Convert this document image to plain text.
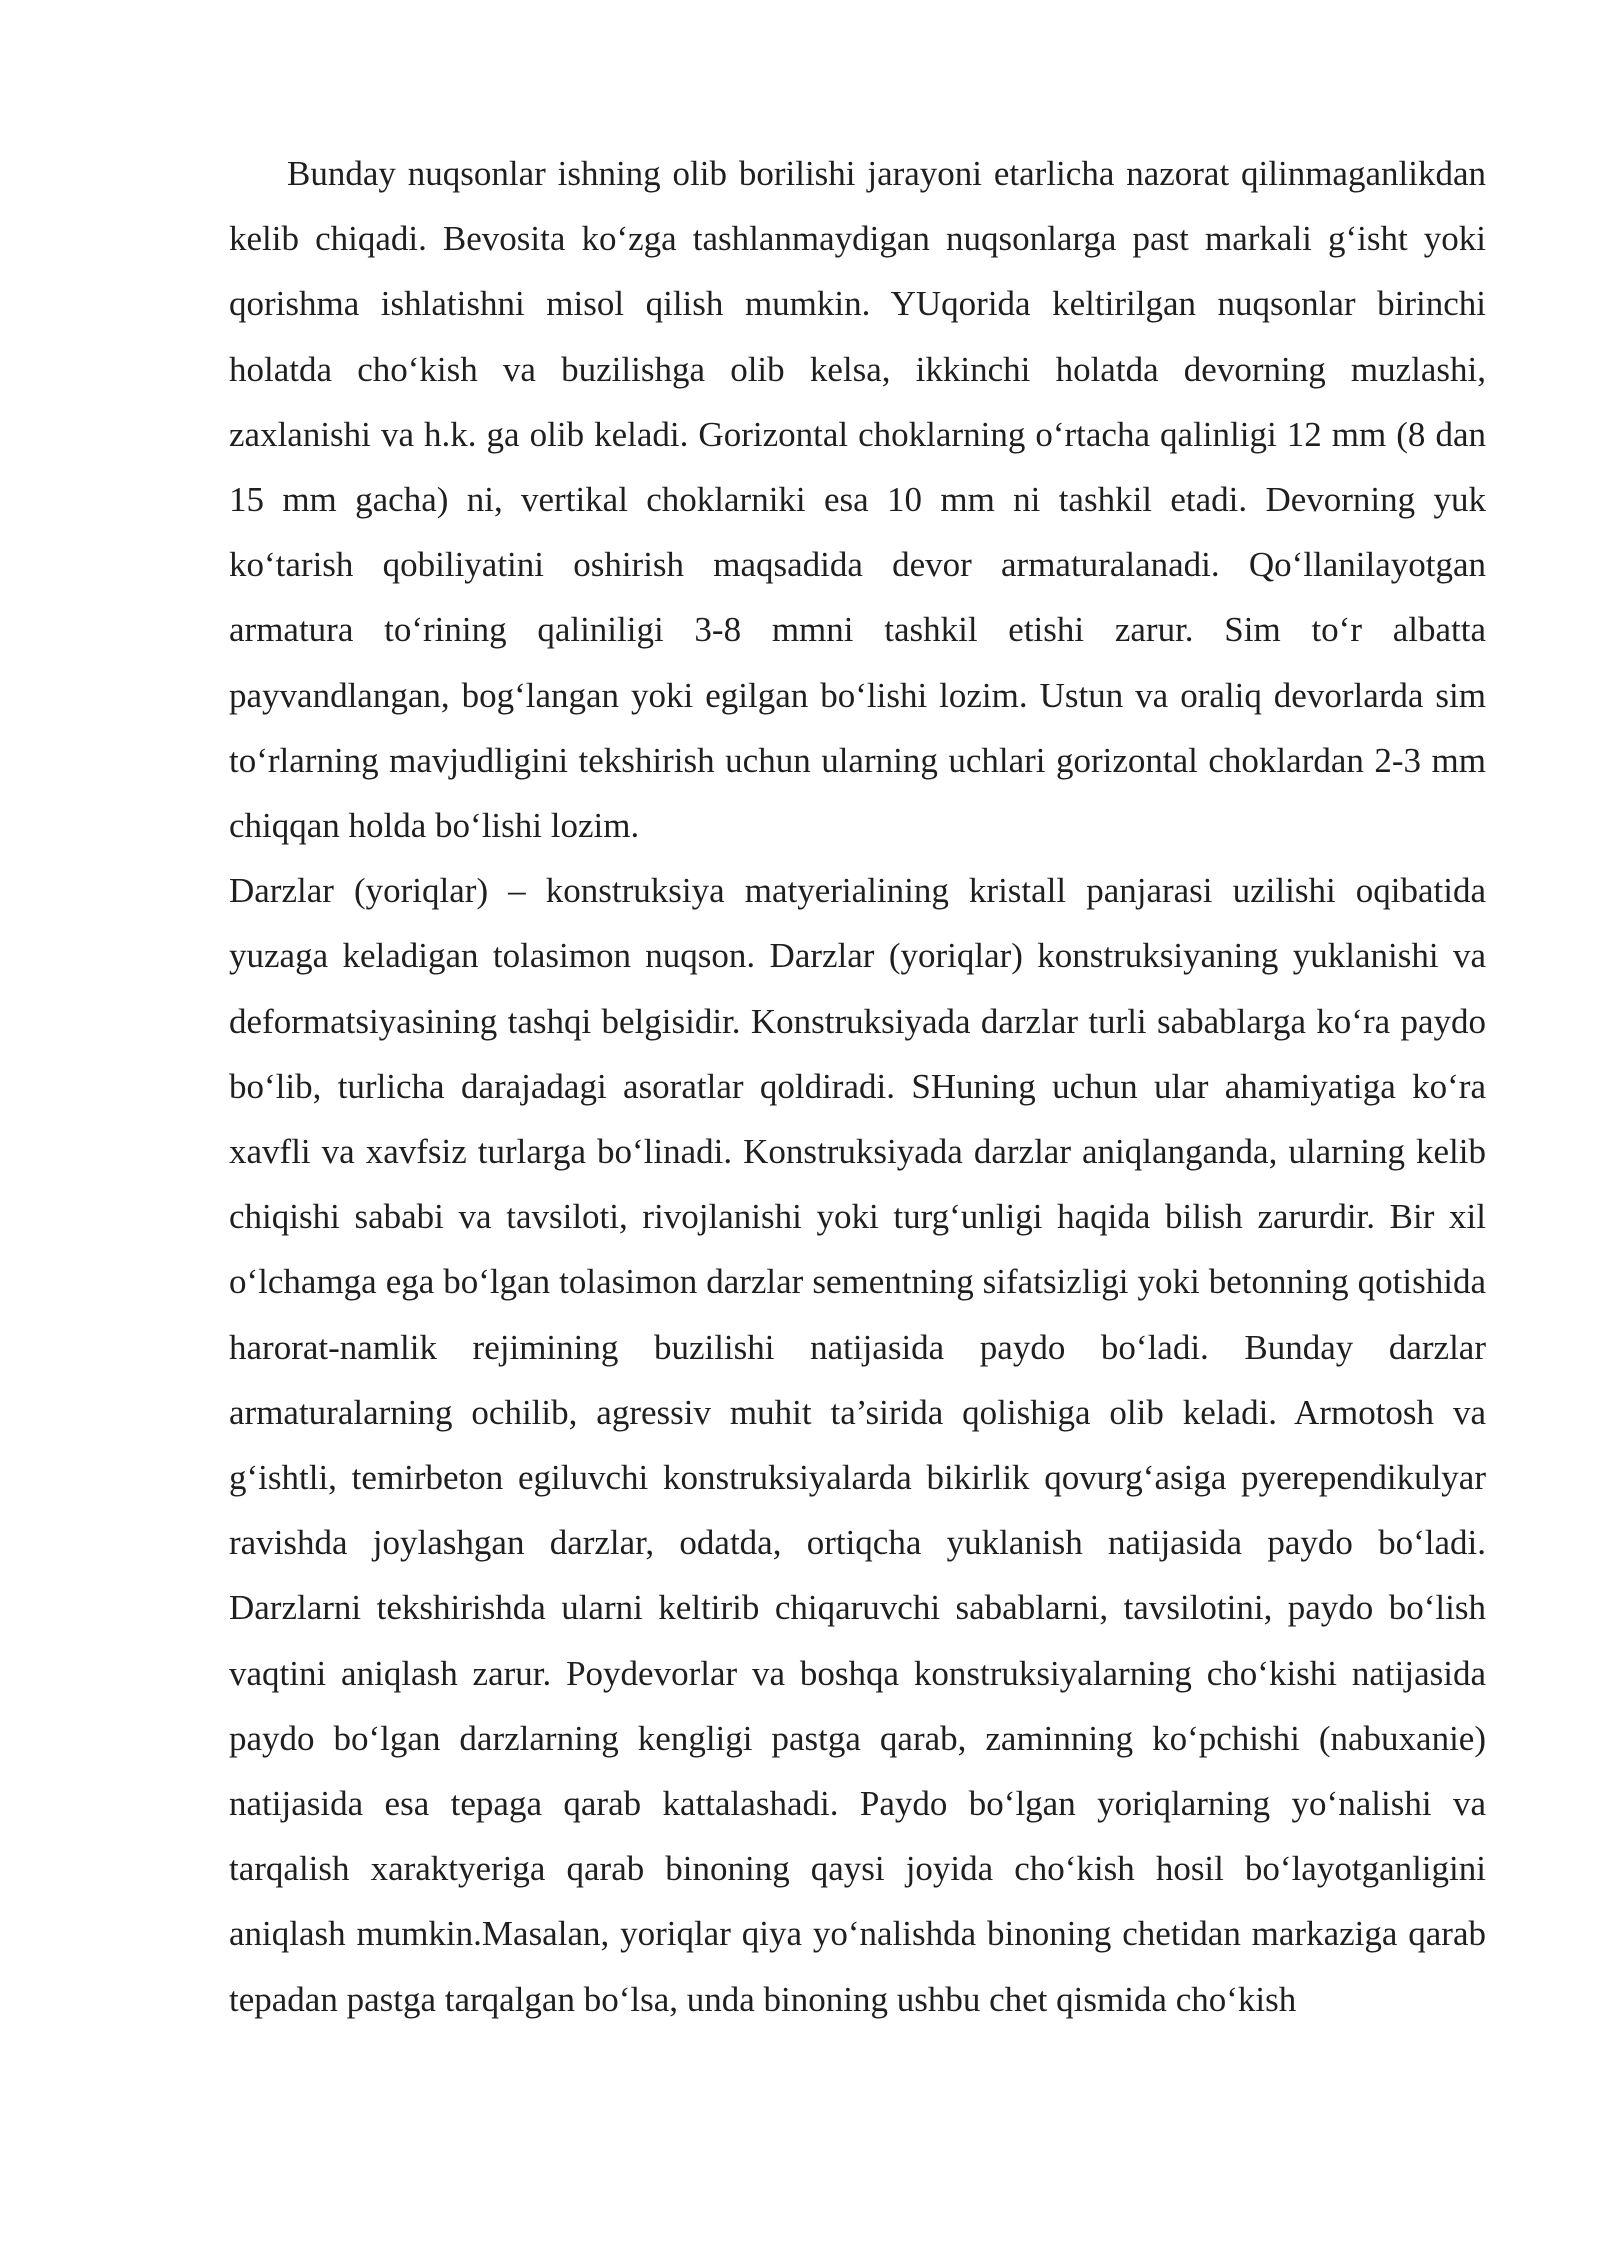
Bunday nuqsonlar ishning olib borilishi jarayoni etarlicha nazorat qilinmaganlikdan kelib chiqadi. Bevosita ko‘zga tashlanmaydigan nuqsonlarga past markali g‘isht yoki qorishma ishlatishni misol qilish mumkin. YUqorida keltirilgan nuqsonlar birinchi holatda cho‘kish va buzilishga olib kelsa, ikkinchi holatda devorning muzlashi, zaxlanishi va h.k. ga olib keladi. Gorizontal choklarning o‘rtacha qalinligi 12 mm (8 dan 15 mm gacha) ni, vertikal choklarniki esa 10 mm ni tashkil etadi. Devorning yuk ko‘tarish qobiliyatini oshirish maqsadida devor armaturalanadi. Qo‘llanilayotgan armatura to‘rining qaliniligi 3-8 mmni tashkil etishi zarur. Sim to‘r albatta payvandlangan, bog‘langan yoki egilgan bo‘lishi lozim. Ustun va oraliq devorlarda sim to‘rlarning mavjudligini tekshirish uchun ularning uchlari gorizontal choklardan 2-3 mm chiqqan holda bo‘lishi lozim.

Darzlar (yoriqlar) – konstruksiya matyerialining kristall panjarasi uzilishi oqibatida yuzaga keladigan tolasimon nuqson. Darzlar (yoriqlar) konstruksiyaning yuklanishi va deformatsiyasining tashqi belgisidir. Konstruksiyada darzlar turli sabablarga ko‘ra paydo bo‘lib, turlicha darajadagi asoratlar qoldiradi. SHuning uchun ular ahamiyatiga ko‘ra xavfli va xavfsiz turlarga bo‘linadi. Konstruksiyada darzlar aniqlanganda, ularning kelib chiqishi sababi va tavsiloti, rivojlanishi yoki turg‘unligi haqida bilish zarurdir. Bir xil o‘lchamga ega bo‘lgan tolasimon darzlar sementning sifatsizligi yoki betonning qotishida harorat-namlik rejimining buzilishi natijasida paydo bo‘ladi. Bunday darzlar armaturalarning ochilib, agressiv muhit ta’sirida qolishiga olib keladi. Armotosh va g‘ishtli, temirbeton egiluvchi konstruksiyalarda bikirlik qovurg‘asiga pyerependikulyar ravishda joylashgan darzlar, odatda, ortiqcha yuklanish natijasida paydo bo‘ladi. Darzlarni tekshirishda ularni keltirib chiqaruvchi sabablarni, tavsilotini, paydo bo‘lish vaqtini aniqlash zarur. Poydevorlar va boshqa konstruksiyalarning cho‘kishi natijasida paydo bo‘lgan darzlarning kengligi pastga qarab, zaminning ko‘pchishi (nabuxanie) natijasida esa tepaga qarab kattalashadi. Paydo bo‘lgan yoriqlarning yo‘nalishi va tarqalish xaraktyeriga qarab binoning qaysi joyida cho‘kish hosil bo‘layotganligini aniqlash mumkin.Masalan, yoriqlar qiya yo‘nalishda binoning chetidan markaziga qarab tepadan pastga tarqalgan bo‘lsa, unda binoning ushbu chet qismida cho‘kish
